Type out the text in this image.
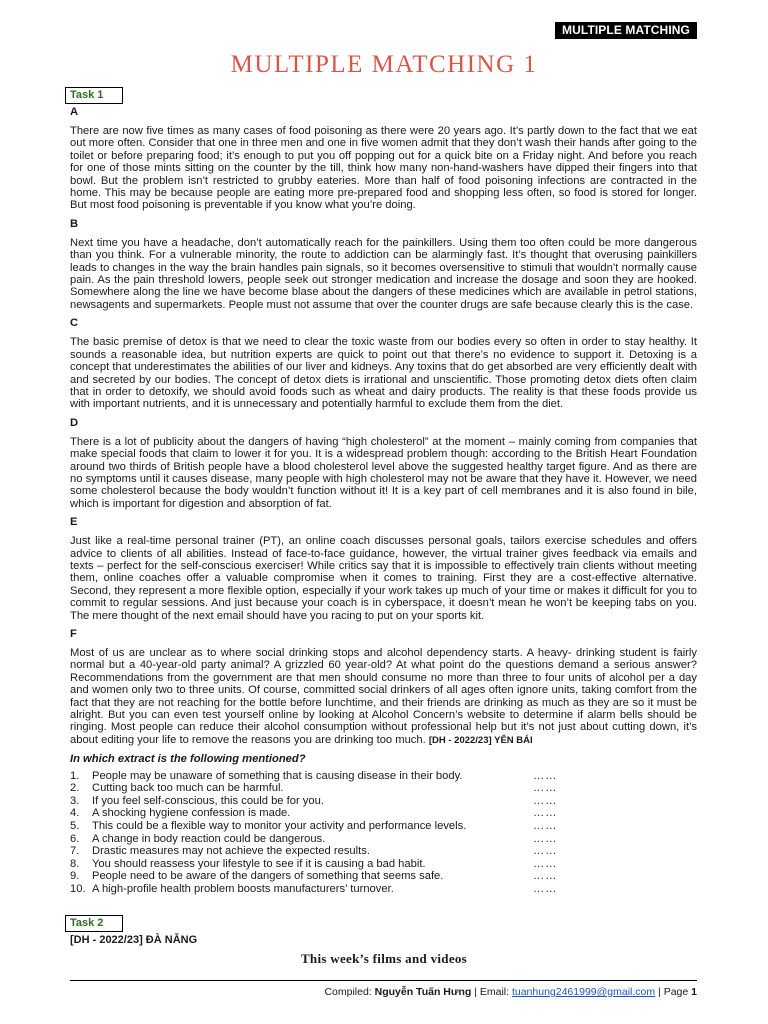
MULTIPLE MATCHING
MULTIPLE MATCHING 1
Task 1
A

There are now five times as many cases of food poisoning as there were 20 years ago. It’s partly down to the fact that we eat out more often. Consider that one in three men and one in five women admit that they don’t wash their hands after going to the toilet or before preparing food; it’s enough to put you off popping out for a quick bite on a Friday night. And before you reach for one of those mints sitting on the counter by the till, think how many non-hand-washers have dipped their fingers into that bowl. But the problem isn’t restricted to grubby eateries. More than half of food poisoning infections are contracted in the home. This may be because people are eating more pre-prepared food and shopping less often, so food is stored for longer. But most food poisoning is preventable if you know what you’re doing.

B

Next time you have a headache, don’t automatically reach for the painkillers. Using them too often could be more dangerous than you think. For a vulnerable minority, the route to addiction can be alarmingly fast. It’s thought that overusing painkillers leads to changes in the way the brain handles pain signals, so it becomes oversensitive to stimuli that wouldn’t normally cause pain. As the pain threshold lowers, people seek out stronger medication and increase the dosage and soon they are hooked. Somewhere along the line we have become blase about the dangers of these medicines which are available in petrol stations, newsagents and supermarkets. People must not assume that over the counter drugs are safe because clearly this is the case.

C

The basic premise of detox is that we need to clear the toxic waste from our bodies every so often in order to stay healthy. It sounds a reasonable idea, but nutrition experts are quick to point out that there’s no evidence to support it. Detoxing is a concept that underestimates the abilities of our liver and kidneys. Any toxins that do get absorbed are very efficiently dealt with and secreted by our bodies. The concept of detox diets is irrational and unscientific. Those promoting detox diets often claim that in order to detoxify, we should avoid foods such as wheat and dairy products. The reality is that these foods provide us with important nutrients, and it is unnecessary and potentially harmful to exclude them from the diet.

D

There is a lot of publicity about the dangers of having “high cholesterol” at the moment – mainly coming from companies that make special foods that claim to lower it for you. It is a widespread problem though: according to the British Heart Foundation around two thirds of British people have a blood cholesterol level above the suggested healthy target figure. And as there are no symptoms until it causes disease, many people with high cholesterol may not be aware that they have it. However, we need some cholesterol because the body wouldn’t function without it! It is a key part of cell membranes and it is also found in bile, which is important for digestion and absorption of fat.

E

Just like a real-time personal trainer (PT), an online coach discusses personal goals, tailors exercise schedules and offers advice to clients of all abilities. Instead of face-to-face guidance, however, the virtual trainer gives feedback via emails and texts – perfect for the self-conscious exerciser! While critics say that it is impossible to effectively train clients without meeting them, online coaches offer a valuable compromise when it comes to training. First they are a cost-effective alternative. Second, they represent a more flexible option, especially if your work takes up much of your time or makes it difficult for you to commit to regular sessions. And just because your coach is in cyberspace, it doesn’t mean he won’t be keeping tabs on you. The mere thought of the next email should have you racing to put on your sports kit.

F

Most of us are unclear as to where social drinking stops and alcohol dependency starts. A heavy- drinking student is fairly normal but a 40-year-old party animal? A grizzled 60 year-old? At what point do the questions demand a serious answer? Recommendations from the government are that men should consume no more than three to four units of alcohol per a day and women only two to three units. Of course, committed social drinkers of all ages often ignore units, taking comfort from the fact that they are not reaching for the bottle before lunchtime, and their friends are drinking as much as they are so it must be alright. But you can even test yourself online by looking at Alcohol Concern’s website to determine if alarm bells should be ringing. Most people can reduce their alcohol consumption without professional help but it’s not just about cutting down, it’s about editing your life to remove the reasons you are drinking too much. [DH - 2022/23] YÊN BÁI

In which extract is the following mentioned?
1.	People may be unaware of something that is causing disease in their body.	……
2.	Cutting back too much can be harmful.	……
3.	If you feel self-conscious, this could be for you.	……
4.	A shocking hygiene confession is made.	……
5.	This could be a flexible way to monitor your activity and performance levels.	……
6.	A change in body reaction could be dangerous.	……
7.	Drastic measures may not achieve the expected results.	……
8.	You should reassess your lifestyle to see if it is causing a bad habit.	……
9.	People need to be aware of the dangers of something that seems safe.	……
10. A high-profile health problem boosts manufacturers’ turnover.	……
Task 2
[DH - 2022/23] ĐÀ NẴNG
This week’s films and videos
Compiled: Nguyễn Tuấn Hưng | Email: tuanhung2461999@gmail.com | Page 1
